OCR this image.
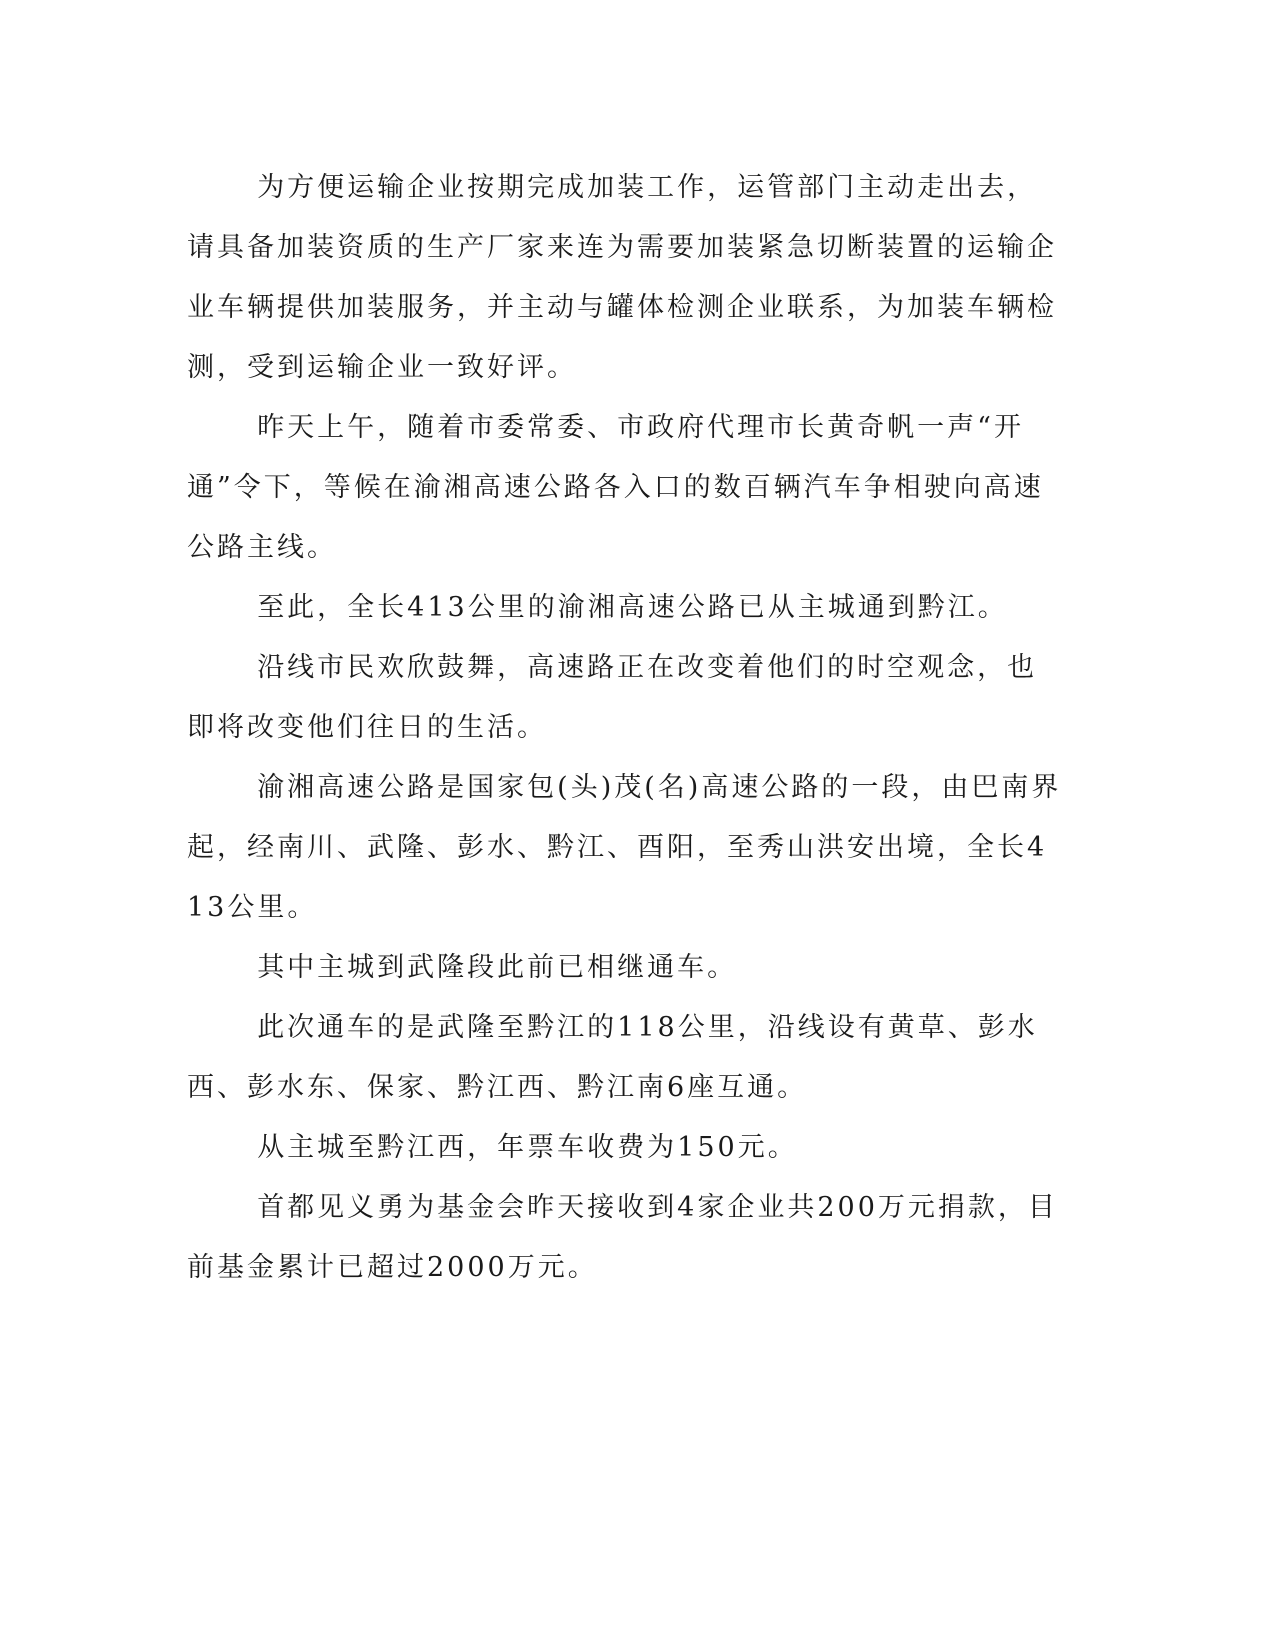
为方便运输企业按期完成加装工作，运管部门主动走出去，请具备加装资质的生产厂家来连为需要加装紧急切断装置的运输企业车辆提供加装服务，并主动与罐体检测企业联系，为加装车辆检测，受到运输企业一致好评。

昨天上午，随着市委常委、市政府代理市长黄奇帆一声“开通”令下，等候在渝湘高速公路各入口的数百辆汽车争相驶向高速公路主线。

至此，全长413公里的渝湘高速公路已从主城通到黔江。

沿线市民欢欣鼓舞，高速路正在改变着他们的时空观念，也即将改变他们往日的生活。

渝湘高速公路是国家包(头)茂(名)高速公路的一段，由巴南界起，经南川、武隆、彭水、黔江、酉阳，至秀山洪安出境，全长413公里。

其中主城到武隆段此前已相继通车。

此次通车的是武隆至黔江的118公里，沿线设有黄草、彭水西、彭水东、保家、黔江西、黔江南6座互通。

从主城至黔江西，年票车收费为150元。

首都见义勇为基金会昨天接收到4家企业共200万元捐款，目前基金累计已超过2000万元。
